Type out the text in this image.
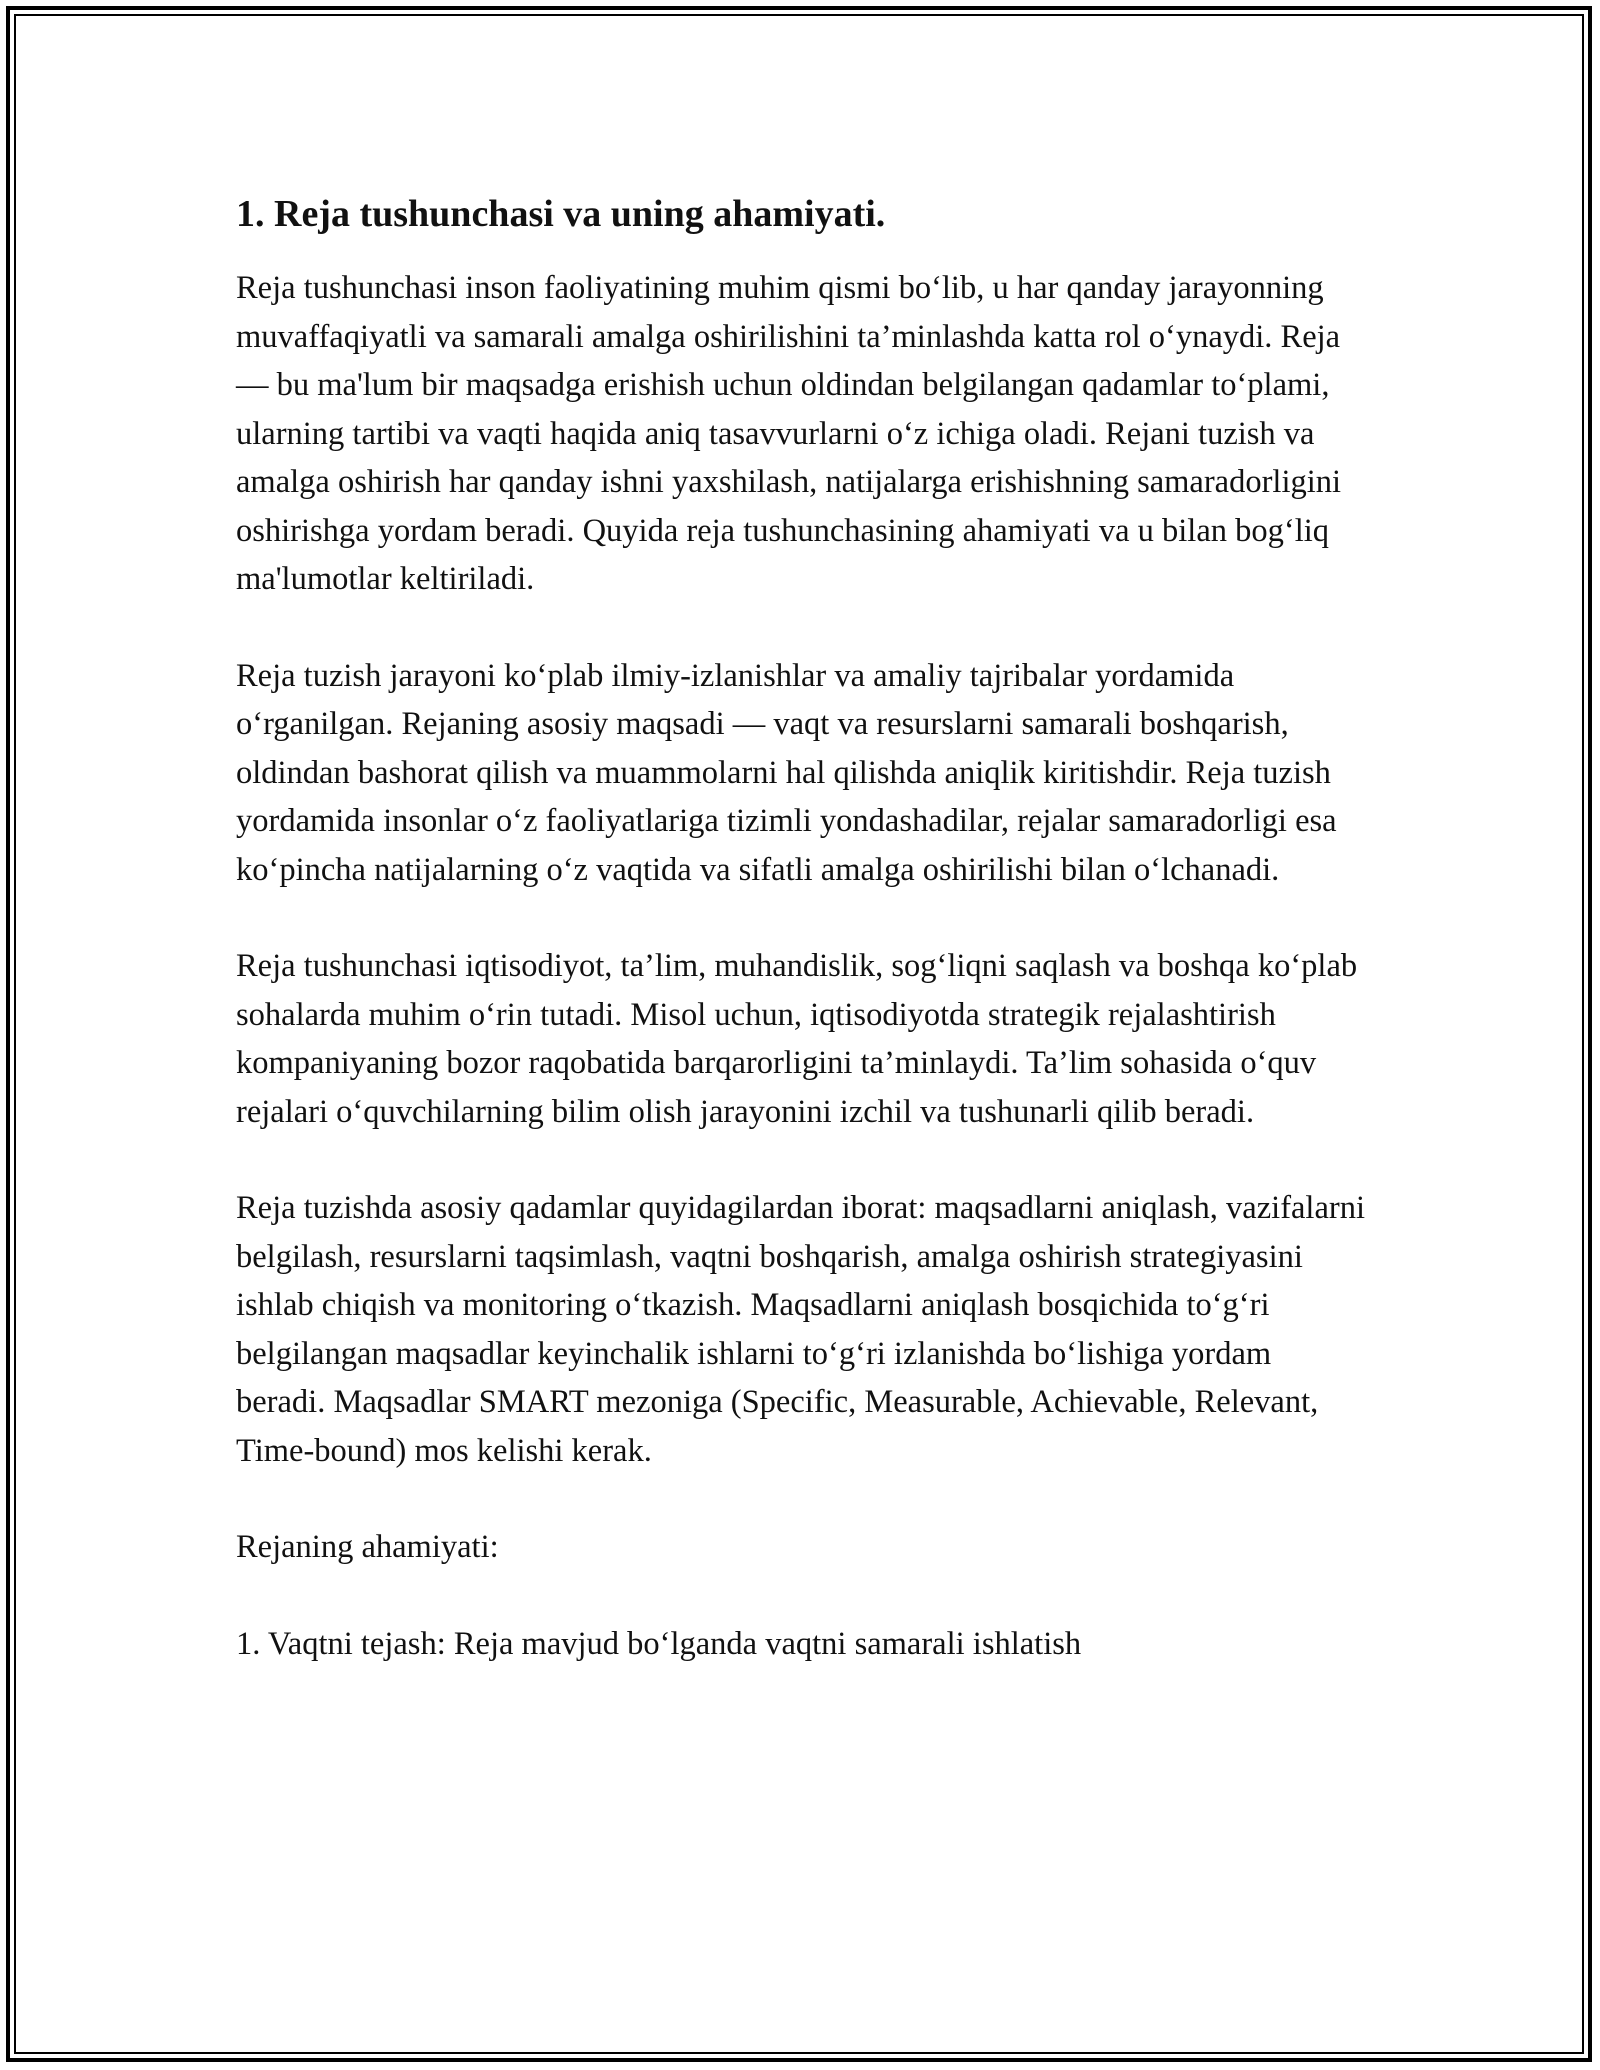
1. Reja tushunchasi va uning ahamiyati.

Reja tushunchasi inson faoliyatining muhim qismi bo‘lib, u har qanday jarayonning muvaffaqiyatli va samarali amalga oshirilishini ta’minlashda katta rol o‘ynaydi. Reja — bu ma'lum bir maqsadga erishish uchun oldindan belgilangan qadamlar to‘plami, ularning tartibi va vaqti haqida aniq tasavvurlarni o‘z ichiga oladi. Rejani tuzish va amalga oshirish har qanday ishni yaxshilash, natijalarga erishishning samaradorligini oshirishga yordam beradi. Quyida reja tushunchasining ahamiyati va u bilan bog‘liq ma'lumotlar keltiriladi.

Reja tuzish jarayoni ko‘plab ilmiy-izlanishlar va amaliy tajribalar yordamida o‘rganilgan. Rejaning asosiy maqsadi — vaqt va resurslarni samarali boshqarish, oldindan bashorat qilish va muammolarni hal qilishda aniqlik kiritishdir. Reja tuzish yordamida insonlar o‘z faoliyatlariga tizimli yondashadilar, rejalar samaradorligi esa ko‘pincha natijalarning o‘z vaqtida va sifatli amalga oshirilishi bilan o‘lchanadi.

Reja tushunchasi iqtisodiyot, ta’lim, muhandislik, sog‘liqni saqlash va boshqa ko‘plab sohalarda muhim o‘rin tutadi. Misol uchun, iqtisodiyotda strategik rejalashtirish kompaniyaning bozor raqobatida barqarorligini ta’minlaydi. Ta’lim sohasida o‘quv rejalari o‘quvchilarning bilim olish jarayonini izchil va tushunarli qilib beradi.

Reja tuzishda asosiy qadamlar quyidagilardan iborat: maqsadlarni aniqlash, vazifalarni belgilash, resurslarni taqsimlash, vaqtni boshqarish, amalga oshirish strategiyasini ishlab chiqish va monitoring o‘tkazish. Maqsadlarni aniqlash bosqichida to‘g‘ri belgilangan maqsadlar keyinchalik ishlarni to‘g‘ri izlanishda bo‘lishiga yordam beradi. Maqsadlar SMART mezoniga (Specific, Measurable, Achievable, Relevant, Time-bound) mos kelishi kerak.

Rejaning ahamiyati:

1. Vaqtni tejash: Reja mavjud bo‘lganda vaqtni samarali ishlatish
